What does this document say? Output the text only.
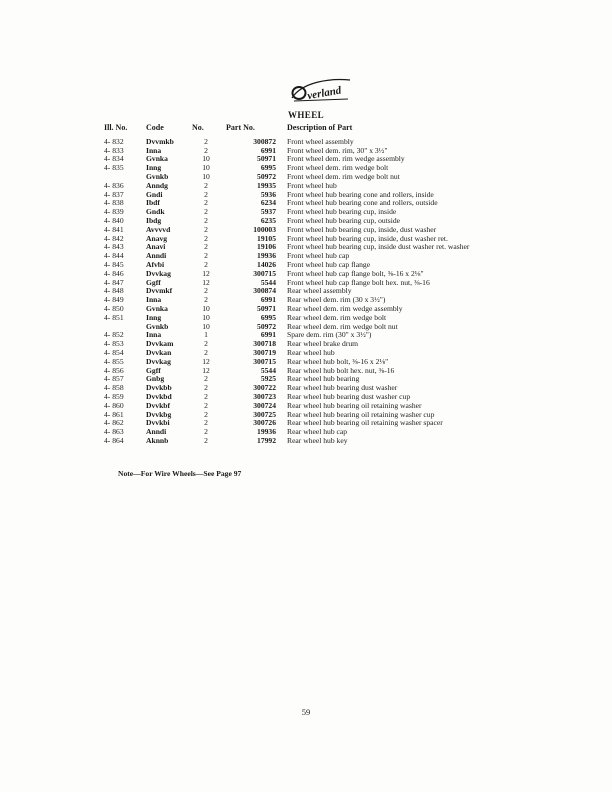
verland
WHEEL
Ill. No.	Code	No.	Part No.	Description of Part
4- 832	Dvvmkb	2	300872	Front wheel assembly
4- 833	Inna	2	6991	Front wheel dem. rim, 30" x 3½"
4- 834	Gvnka	10	50971	Front wheel dem. rim wedge assembly
4- 835	Inng	10	6995	Front wheel dem. rim wedge bolt
	Gvnkb	10	50972	Front wheel dem. rim wedge bolt nut
4- 836	Anndg	2	19935	Front wheel hub
4- 837	Gndi	2	5936	Front wheel hub bearing cone and rollers, inside
4- 838	Ibdf	2	6234	Front wheel hub bearing cone and rollers, outside
4- 839	Gndk	2	5937	Front wheel hub bearing cup, inside
4- 840	Ibdg	2	6235	Front wheel hub bearing cup, outside
4- 841	Avvvvd	2	100003	Front wheel hub bearing cup, inside, dust washer
4- 842	Anavg	2	19105	Front wheel hub bearing cup, inside, dust washer ret.
4- 843	Anavi	2	19106	Front wheel hub bearing cup, inside dust washer ret. washer
4- 844	Anndi	2	19936	Front wheel hub cap
4- 845	Afvbi	2	14026	Front wheel hub cap flange
4- 846	Dvvkag	12	300715	Front wheel hub cap flange bolt, ⅜-16 x 2⅛"
4- 847	Ggff	12	5544	Front wheel hub cap flange bolt hex. nut, ⅜-16
4- 848	Dvvmkf	2	300874	Rear wheel assembly
4- 849	Inna	2	6991	Rear wheel dem. rim (30 x 3½")
4- 850	Gvnka	10	50971	Rear wheel dem. rim wedge assembly
4- 851	Inng	10	6995	Rear wheel dem. rim wedge bolt
	Gvnkb	10	50972	Rear wheel dem. rim wedge bolt nut
4- 852	Inna	1	6991	Spare dem. rim (30" x 3½")
4- 853	Dvvkam	2	300718	Rear wheel brake drum
4- 854	Dvvkan	2	300719	Rear wheel hub
4- 855	Dvvkag	12	300715	Rear wheel hub bolt, ⅜-16 x 2⅛"
4- 856	Ggff	12	5544	Rear wheel hub bolt hex. nut, ⅜-16
4- 857	Gnbg	2	5925	Rear wheel hub bearing
4- 858	Dvvkbb	2	300722	Rear wheel hub bearing dust washer
4- 859	Dvvkbd	2	300723	Rear wheel hub bearing dust washer cup
4- 860	Dvvkbf	2	300724	Rear wheel hub bearing oil retaining washer
4- 861	Dvvkbg	2	300725	Rear wheel hub bearing oil retaining washer cup
4- 862	Dvvkbi	2	300726	Rear wheel hub bearing oil retaining washer spacer
4- 863	Anndi	2	19936	Rear wheel hub cap
4- 864	Aknnb	2	17992	Rear wheel hub key
Note—For Wire Wheels—See Page 97
59
